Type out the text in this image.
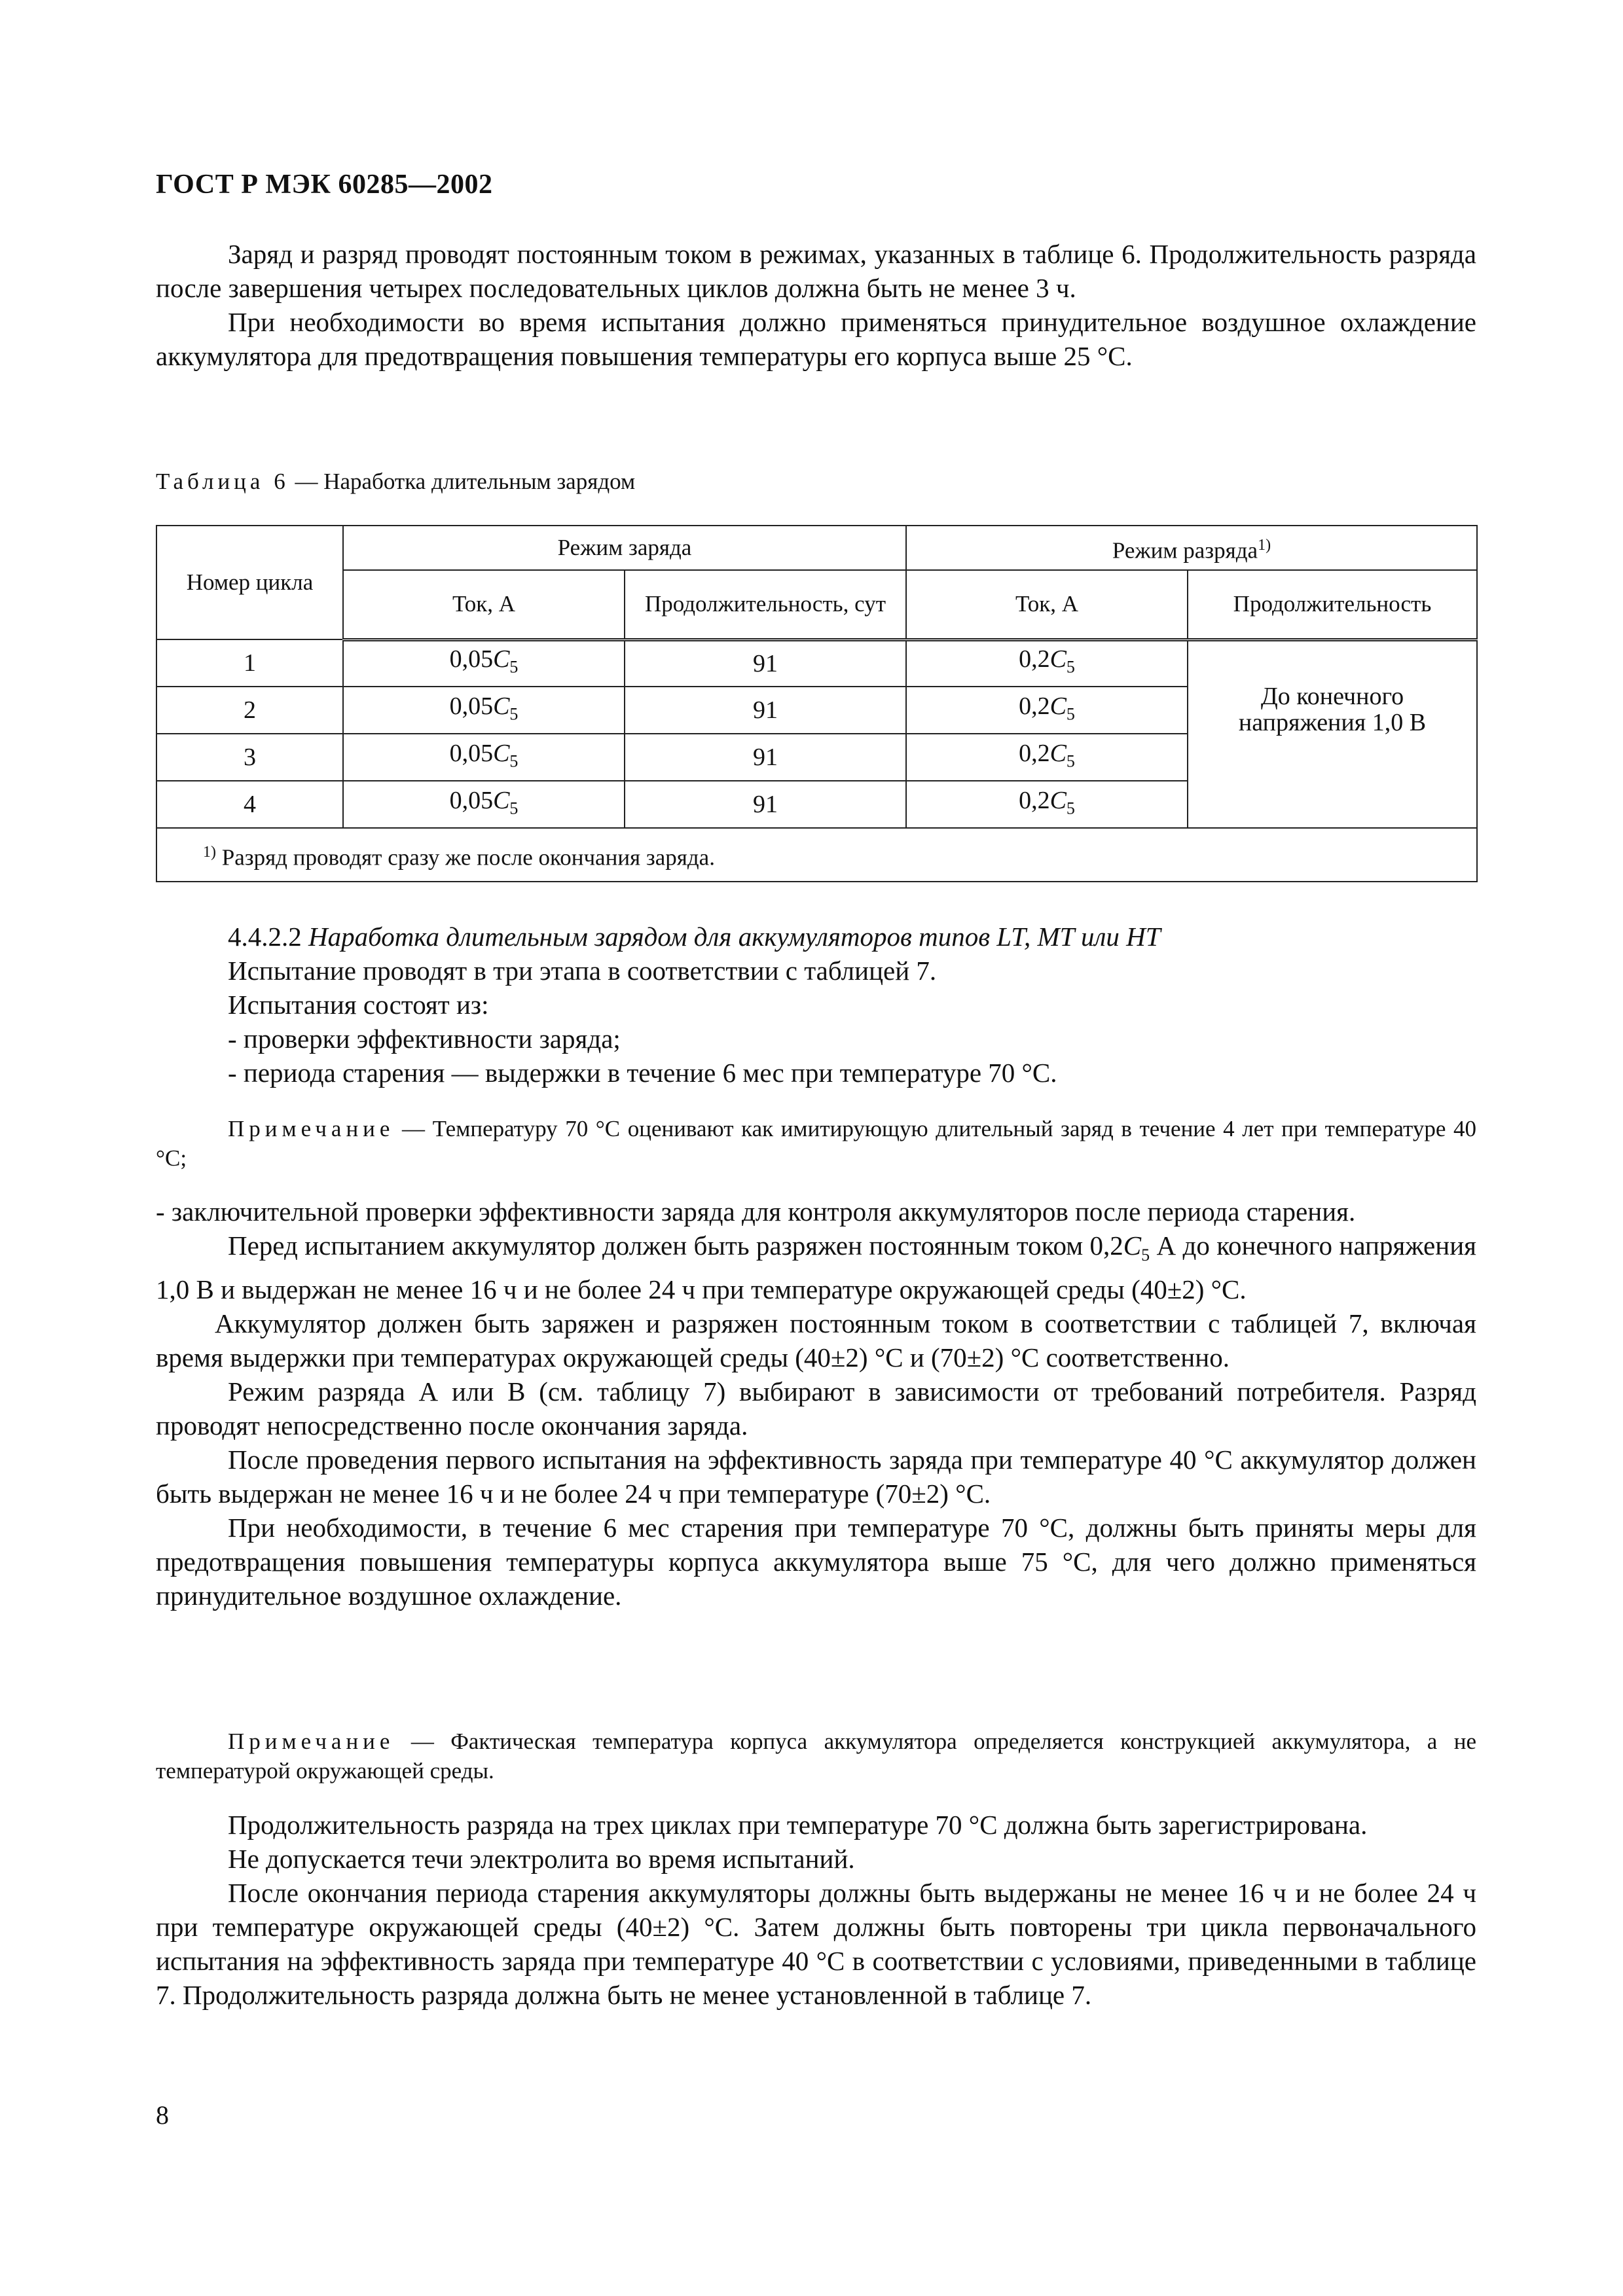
ГОСТ Р МЭК 60285—2002

Заряд и разряд проводят постоянным током в режимах, указанных в таблице 6. Продолжительность разряда после завершения четырех последовательных циклов должна быть не менее 3 ч.

При необходимости во время испытания должно применяться принудительное воздушное охлаждение аккумулятора для предотвращения повышения температуры его корпуса выше 25 °С.

Таблица 6 — Наработка длительным зарядом
Номер цикла	Режим заряда		Режим разряда$^{1)}$
	Ток, А	Продолжительность, сут	Ток, А	Продолжительность
1	$0,05C_5$	91	$0,2C_5$	До конечного напряжения 1,0 В
2	$0,05C_5$	91	$0,2C_5$
3	$0,05C_5$	91	$0,2C_5$
4	$0,05C_5$	91	$0,2C_5$
$^{1)}$ Разряд проводят сразу же после окончания заряда.				

4.4.2.2 Наработка длительным зарядом для аккумуляторов типов LT, MT или HT

Испытание проводят в три этапа в соответствии с таблицей 7.

Испытания состоят из:

- проверки эффективности заряда;

- периода старения — выдержки в течение 6 мес при температуре 70 °С.

Примечание — Температуру 70 °С оценивают как имитирующую длительный заряд в течение 4 лет при температуре 40 °С;

- заключительной проверки эффективности заряда для контроля аккумуляторов после периода старения.

Перед испытанием аккумулятор должен быть разряжен постоянным током $0,2C_5$ А до конечного напряжения 1,0 В и выдержан не менее 16 ч и не более 24 ч при температуре окружающей среды (40±2) °С.

Аккумулятор должен быть заряжен и разряжен постоянным током в соответствии с таблицей 7, включая время выдержки при температурах окружающей среды (40±2) °С и (70±2) °С соответственно.

Режим разряда А или В (см. таблицу 7) выбирают в зависимости от требований потребителя. Разряд проводят непосредственно после окончания заряда.

После проведения первого испытания на эффективность заряда при температуре 40 °С аккумулятор должен быть выдержан не менее 16 ч и не более 24 ч при температуре (70±2) °С.

При необходимости, в течение 6 мес старения при температуре 70 °С, должны быть приняты меры для предотвращения повышения температуры корпуса аккумулятора выше 75 °С, для чего должно применяться принудительное воздушное охлаждение.

Примечание — Фактическая температура корпуса аккумулятора определяется конструкцией аккумулятора, а не температурой окружающей среды.

Продолжительность разряда на трех циклах при температуре 70 °С должна быть зарегистрирована.

Не допускается течи электролита во время испытаний.

После окончания периода старения аккумуляторы должны быть выдержаны не менее 16 ч и не более 24 ч при температуре окружающей среды (40±2) °С. Затем должны быть повторены три цикла первоначального испытания на эффективность заряда при температуре 40 °С в соответствии с условиями, приведенными в таблице 7. Продолжительность разряда должна быть не менее установленной в таблице 7.

8
